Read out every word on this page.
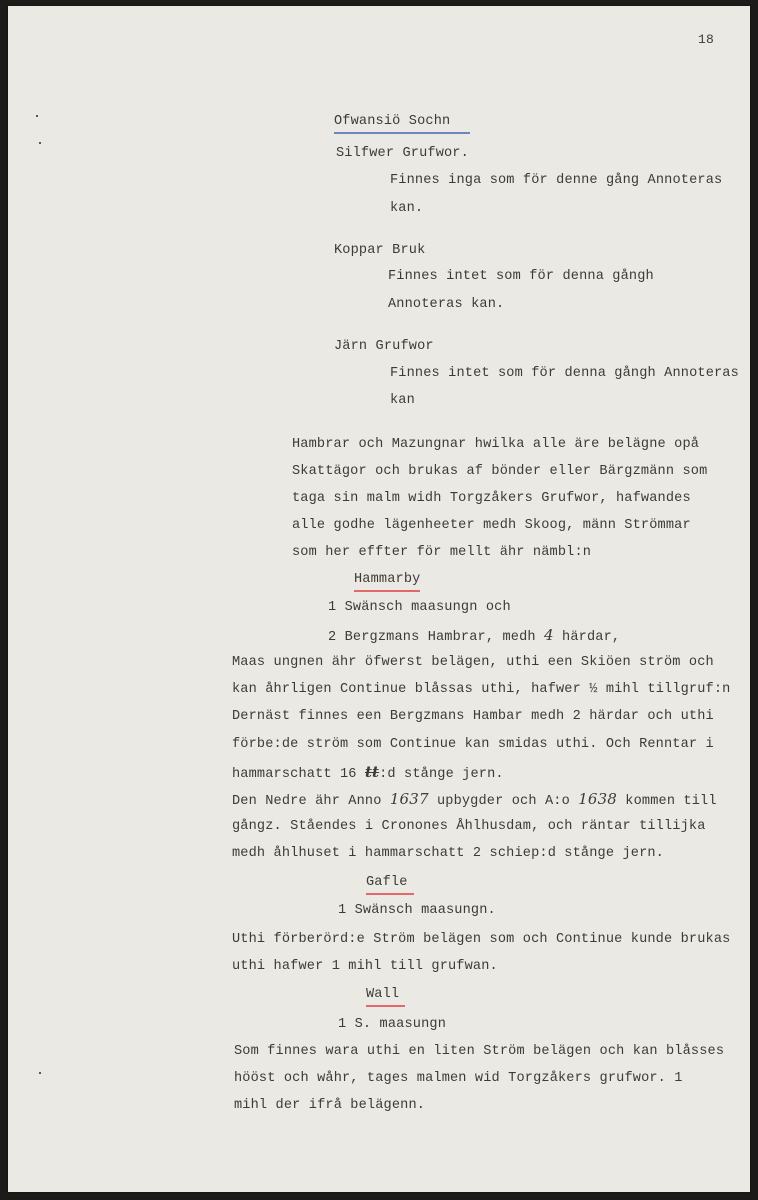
18
Ofwansiö Sochn
Silfwer Grufwor.
Finnes inga som för denne gång Annoteras
kan.
Koppar Bruk
Finnes intet som för denna gångh
Annoteras kan.
Järn Grufwor
Finnes intet som för denna gångh Annoteras
kan
Hambrar och Mazungnar hwilka alle äre belägne opå
Skattägor och brukas af bönder eller Bärgzmänn som
taga sin malm widh Torgzåkers Grufwor, hafwandes
alle godhe lägenheeter medh Skoog, männ Strömmar
som her effter för mellt ähr nämbl:n
Hammarby
1 Swänsch maasungn och
2 Bergzmans Hambrar, medh 4 härdar,
Maas ungnen ähr öfwerst belägen, uthi een Skiöen ström och
kan åhrligen Continue blåssas uthi, hafwer ½ mihl tillgruf:n
Dernäst finnes een Bergzmans Hambar medh 2 härdar och uthi
förbe:de ström som Continue kan smidas uthi. Och Renntar i
hammarschatt 16 tt:d stånge jern.
Den Nedre ähr Anno 1637 upbygder och A:o 1638 kommen till
gångz. Ståendes i Cronones Åhlhusdam, och räntar tillijka
medh åhlhuset i hammarschatt 2 schiep:d stånge jern.
Gafle
1 Swänsch maasungn.
Uthi förberörd:e Ström belägen som och Continue kunde brukas
uthi hafwer 1 mihl till grufwan.
Wall
1 S. maasungn
Som finnes wara uthi en liten Ström belägen och kan blåsses
hööst och wåhr, tages malmen wid Torgzåkers grufwor. 1
mihl der ifrå belägenn.
